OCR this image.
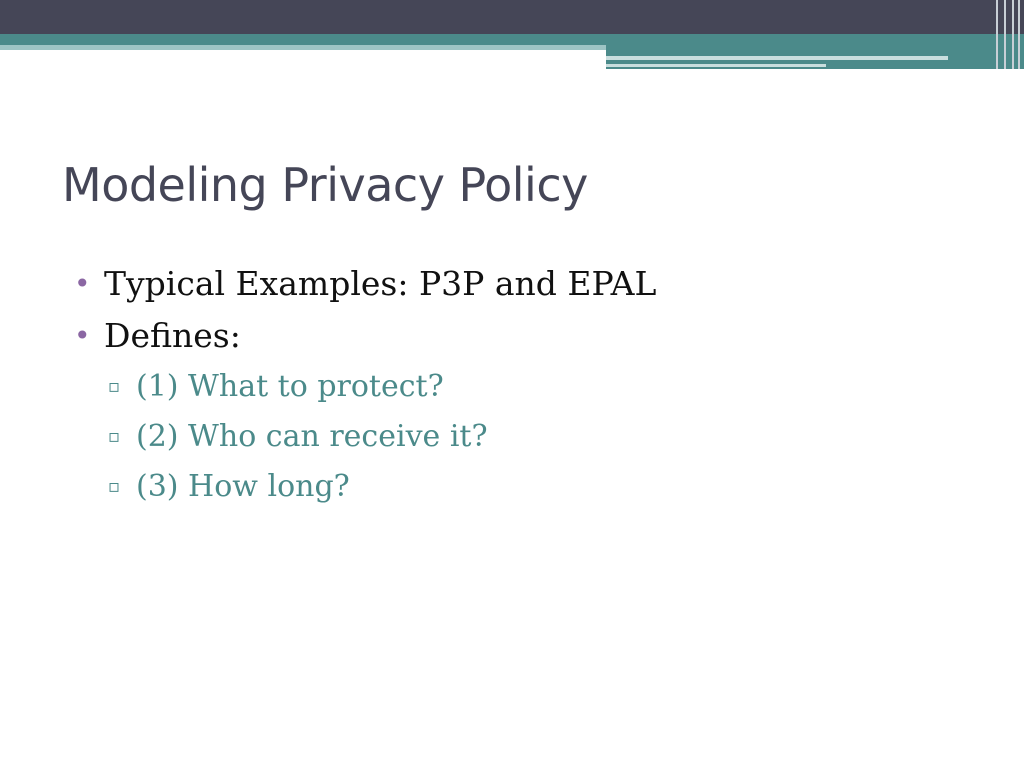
Modeling Privacy Policy
• Typical Examples: P3P and EPAL
• Defines:
▫ (1) What to protect?
▫ (2) Who can receive it?
▫ (3) How long?
